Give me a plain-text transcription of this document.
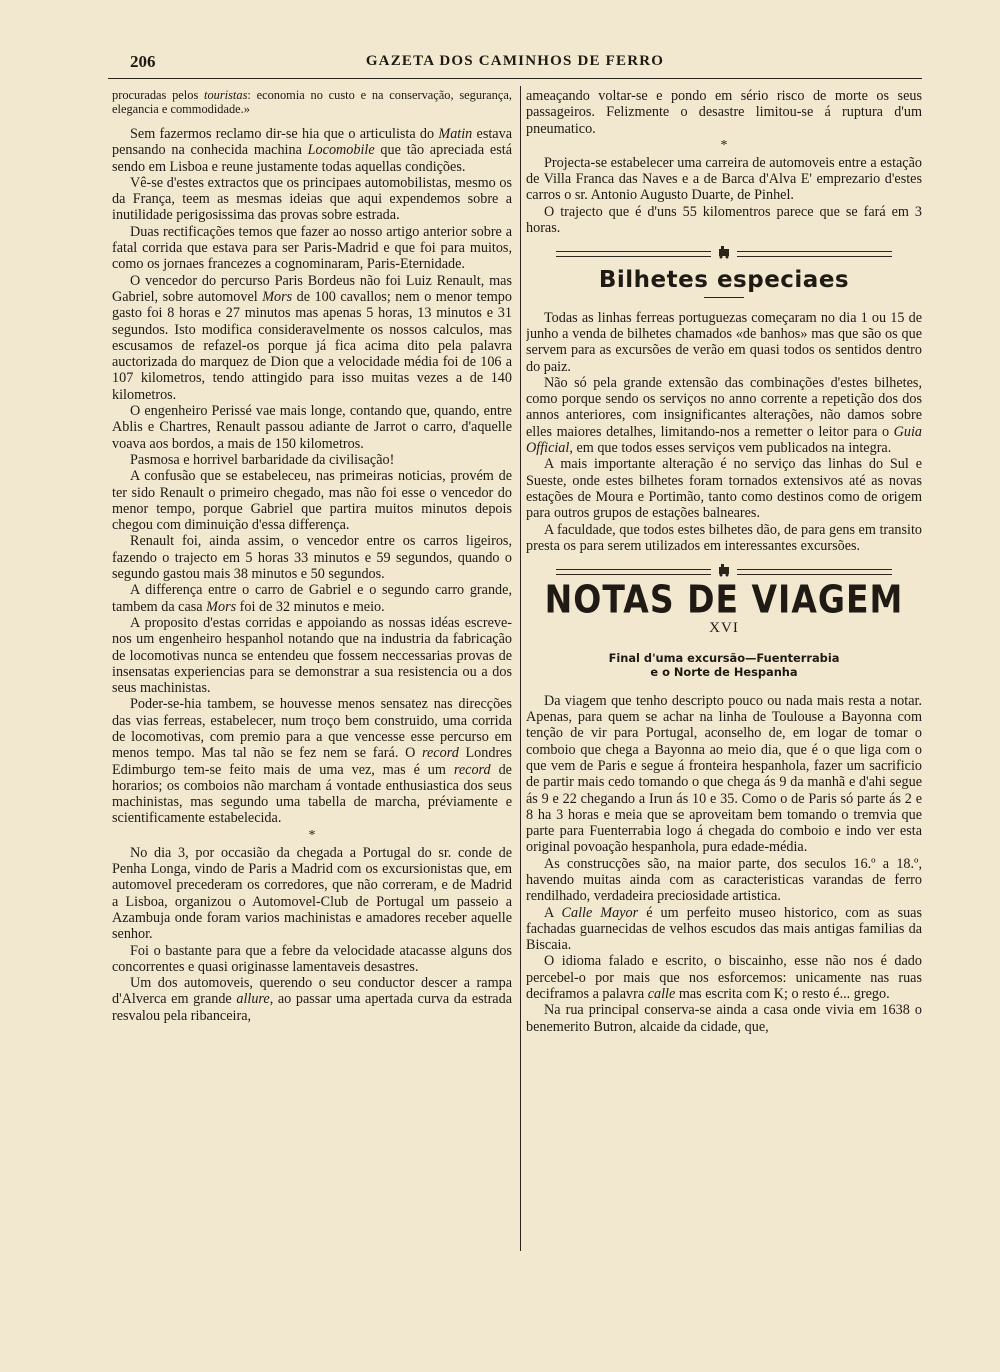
206	GAZETA DOS CAMINHOS DE FERRO

procuradas pelos touristas: economia no custo e na conservação, segurança, elegancia e commodidade.»

Sem fazermos reclamo dir-se hia que o articulista do Matin estava pensando na conhecida machina Locomobile que tão apreciada está sendo em Lisboa e reune justamente todas aquellas condições.

Vê-se d'estes extractos que os principaes automobilistas, mesmo os da França, teem as mesmas ideias que aqui expendemos sobre a inutilidade perigosissima das provas sobre estrada.

Duas rectificações temos que fazer ao nosso artigo anterior sobre a fatal corrida que estava para ser Paris-Madrid e que foi para muitos, como os jornaes francezes a cognominaram, Paris-Eternidade.

O vencedor do percurso Paris Bordeus não foi Luiz Renault, mas Gabriel, sobre automovel Mors de 100 cavallos; nem o menor tempo gasto foi 8 horas e 27 minutos mas apenas 5 horas, 13 minutos e 31 segundos. Isto modifica consideravelmente os nossos calculos, mas escusamos de refazel-os porque já fica acima dito pela palavra auctorizada do marquez de Dion que a velocidade média foi de 106 a 107 kilometros, tendo attingido para isso muitas vezes a de 140 kilometros.

O engenheiro Perissé vae mais longe, contando que, quando, entre Ablis e Chartres, Renault passou adiante de Jarrot o carro, d'aquelle voava aos bordos, a mais de 150 kilometros.

Pasmosa e horrivel barbaridade da civilisação!

A confusão que se estabeleceu, nas primeiras noticias, provém de ter sido Renault o primeiro chegado, mas não foi esse o vencedor do menor tempo, porque Gabriel que partira muitos minutos depois chegou com diminuição d'essa differença.

Renault foi, ainda assim, o vencedor entre os carros ligeiros, fazendo o trajecto em 5 horas 33 minutos e 59 segundos, quando o segundo gastou mais 38 minutos e 50 segundos.

A differença entre o carro de Gabriel e o segundo carro grande, tambem da casa Mors foi de 32 minutos e meio.

A proposito d'estas corridas e appoiando as nossas idéas escreve-nos um engenheiro hespanhol notando que na industria da fabricação de locomotivas nunca se entendeu que fossem neccessarias provas de insensatas experiencias para se demonstrar a sua resistencia ou a dos seus machinistas.

Poder-se-hia tambem, se houvesse menos sensatez nas direcções das vias ferreas, estabelecer, num troço bem construido, uma corrida de locomotivas, com premio para a que vencesse esse percurso em menos tempo. Mas tal não se fez nem se fará. O record Londres Edimburgo tem-se feito mais de uma vez, mas é um record de horarios; os comboios não marcham á vontade enthusiastica dos seus machinistas, mas segundo uma tabella de marcha, préviamente e scientificamente estabelecida.

*

No dia 3, por occasião da chegada a Portugal do sr. conde de Penha Longa, vindo de Paris a Madrid com os excursionistas que, em automovel precederam os corredores, que não correram, e de Madrid a Lisboa, organizou o Automovel-Club de Portugal um passeio a Azambuja onde foram varios machinistas e amadores receber aquelle senhor.

Foi o bastante para que a febre da velocidade atacasse alguns dos concorrentes e quasi originasse lamentaveis desastres.

Um dos automoveis, querendo o seu conductor descer a rampa d'Alverca em grande allure, ao passar uma apertada curva da estrada resvalou pela ribanceira,

ameaçando voltar-se e pondo em sério risco de morte os seus passageiros. Felizmente o desastre limitou-se á ruptura d'um pneumatico.

*

Projecta-se estabelecer uma carreira de automoveis entre a estação de Villa Franca das Naves e a de Barca d'Alva E' emprezario d'estes carros o sr. Antonio Augusto Duarte, de Pinhel.

O trajecto que é d'uns 55 kilomentros parece que se fará em 3 horas.

Bilhetes especiaes

Todas as linhas ferreas portuguezas começaram no dia 1 ou 15 de junho a venda de bilhetes chamados «de banhos» mas que são os que servem para as excursões de verão em quasi todos os sentidos dentro do paiz.

Não só pela grande extensão das combinações d'estes bilhetes, como porque sendo os serviços no anno corrente a repetição dos dos annos anteriores, com insignificantes alterações, não damos sobre elles maiores detalhes, limitando-nos a remetter o leitor para o Guia Official, em que todos esses serviços vem publicados na integra.

A mais importante alteração é no serviço das linhas do Sul e Sueste, onde estes bilhetes foram tornados extensivos até as novas estações de Moura e Portimão, tanto como destinos como de origem para outros grupos de estações balneares.

A faculdade, que todos estes bilhetes dão, de para gens em transito presta os para serem utilizados em interessantes excursões.

NOTAS DE VIAGEM
XVI
Final d'uma excursão—Fuenterrabia
e o Norte de Hespanha

Da viagem que tenho descripto pouco ou nada mais resta a notar. Apenas, para quem se achar na linha de Toulouse a Bayonna com tenção de vir para Portugal, aconselho de, em logar de tomar o comboio que chega a Bayonna ao meio dia, que é o que liga com o que vem de Paris e segue á fronteira hespanhola, fazer um sacrificio de partir mais cedo tomando o que chega ás 9 da manhã e d'ahi segue ás 9 e 22 chegando a Irun ás 10 e 35. Como o de Paris só parte ás 2 e 8 ha 3 horas e meia que se aproveitam bem tomando o tremvia que parte para Fuenterrabia logo á chegada do comboio e indo ver esta original povoação hespanhola, pura edade-média.

As construcções são, na maior parte, dos seculos 16.º a 18.º, havendo muitas ainda com as caracteristicas varandas de ferro rendilhado, verdadeira preciosidade artistica.

A Calle Mayor é um perfeito museo historico, com as suas fachadas guarnecidas de velhos escudos das mais antigas familias da Biscaia.

O idioma falado e escrito, o biscainho, esse não nos é dado percebel-o por mais que nos esforcemos: unicamente nas ruas deciframos a palavra calle mas escrita com K; o resto é... grego.

Na rua principal conserva-se ainda a casa onde vivia em 1638 o benemerito Butron, alcaide da cidade, que,
